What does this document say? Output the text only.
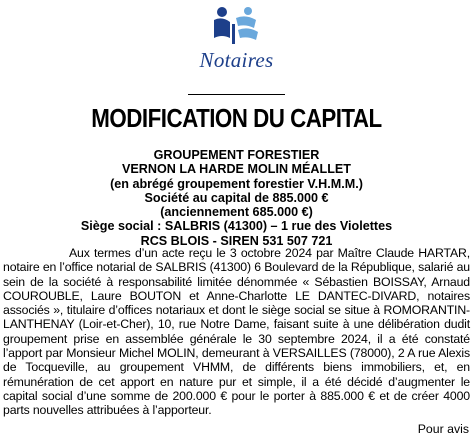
Notaires
MODIFICATION DU CAPITAL
GROUPEMENT FORESTIER
VERNON LA HARDE MOLIN MÉALLET
(en abrégé groupement forestier V.H.M.M.)
Société au capital de 885.000 €
(anciennement 685.000 €)
Siège social : SALBRIS (41300) – 1 rue des Violettes
RCS BLOIS - SIREN 531 507 721
Aux termes d’un acte reçu le 3 octobre 2024 par Maître Claude HARTAR, notaire en l’office notarial de SALBRIS (41300) 6 Boulevard de la République, salarié au sein de la société à responsabilité limitée dénommée « Sébastien BOISSAY, Arnaud COUROUBLE, Laure BOUTON et Anne-Charlotte LE DANTEC-DIVARD, notaires associés », titulaire d’offices notariaux et dont le siège social se situe à ROMORANTIN-LANTHENAY (Loir-et-Cher), 10, rue Notre Dame, faisant suite à une délibération dudit groupement prise en assemblée générale le 30 septembre 2024, il a été constaté l’apport par Monsieur Michel MOLIN, demeurant à VERSAILLES (78000), 2 A rue Alexis de Tocqueville, au groupement VHMM, de différents biens immobiliers, et, en rémunération de cet apport en nature pur et simple, il a été décidé d’augmenter le capital social d’une somme de 200.000 € pour le porter à 885.000 € et de créer 4000 parts nouvelles attribuées à l’apporteur.
Pour avis
